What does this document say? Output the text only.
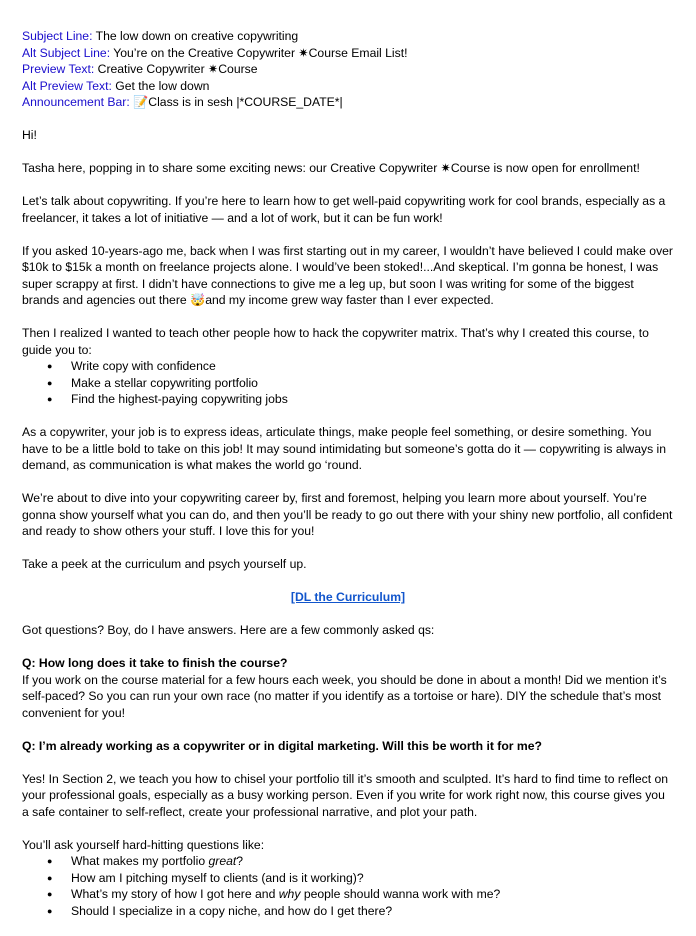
Subject Line: The low down on creative copywriting
Alt Subject Line: You’re on the Creative Copywriter ✷Course Email List!
Preview Text: Creative Copywriter ✷Course
Alt Preview Text: Get the low down
Announcement Bar: 📝Class is in sesh |*COURSE_DATE*|

Hi!

Tasha here, popping in to share some exciting news: our Creative Copywriter ✷Course is now open for enrollment!

Let’s talk about copywriting. If you’re here to learn how to get well-paid copywriting work for cool brands, especially as a freelancer, it takes a lot of initiative — and a lot of work, but it can be fun work!

If you asked 10-years-ago me, back when I was first starting out in my career, I wouldn’t have believed I could make over $10k to $15k a month on freelance projects alone. I would’ve been stoked!...And skeptical. I’m gonna be honest, I was super scrappy at first. I didn’t have connections to give me a leg up, but soon I was writing for some of the biggest brands and agencies out there 🤯and my income grew way faster than I ever expected.

Then I realized I wanted to teach other people how to hack the copywriter matrix. That’s why I created this course, to guide you to:

● Write copy with confidence
● Make a stellar copywriting portfolio
● Find the highest-paying copywriting jobs

As a copywriter, your job is to express ideas, articulate things, make people feel something, or desire something. You have to be a little bold to take on this job! It may sound intimidating but someone’s gotta do it — copywriting is always in demand, as communication is what makes the world go ‘round.

We’re about to dive into your copywriting career by, first and foremost, helping you learn more about yourself. You’re gonna show yourself what you can do, and then you’ll be ready to go out there with your shiny new portfolio, all confident and ready to show others your stuff. I love this for you!

Take a peek at the curriculum and psych yourself up.

[DL the Curriculum]

Got questions? Boy, do I have answers. Here are a few commonly asked qs:

Q: How long does it take to finish the course?

If you work on the course material for a few hours each week, you should be done in about a month! Did we mention it’s self-paced? So you can run your own race (no matter if you identify as a tortoise or hare). DIY the schedule that’s most convenient for you!

Q: I’m already working as a copywriter or in digital marketing. Will this be worth it for me?

Yes! In Section 2, we teach you how to chisel your portfolio till it’s smooth and sculpted. It’s hard to find time to reflect on your professional goals, especially as a busy working person. Even if you write for work right now, this course gives you a safe container to self-reflect, create your professional narrative, and plot your path.

You’ll ask yourself hard-hitting questions like:

● What makes my portfolio great?
● How am I pitching myself to clients (and is it working)?
● What’s my story of how I got here and why people should wanna work with me?
● Should I specialize in a copy niche, and how do I get there?
